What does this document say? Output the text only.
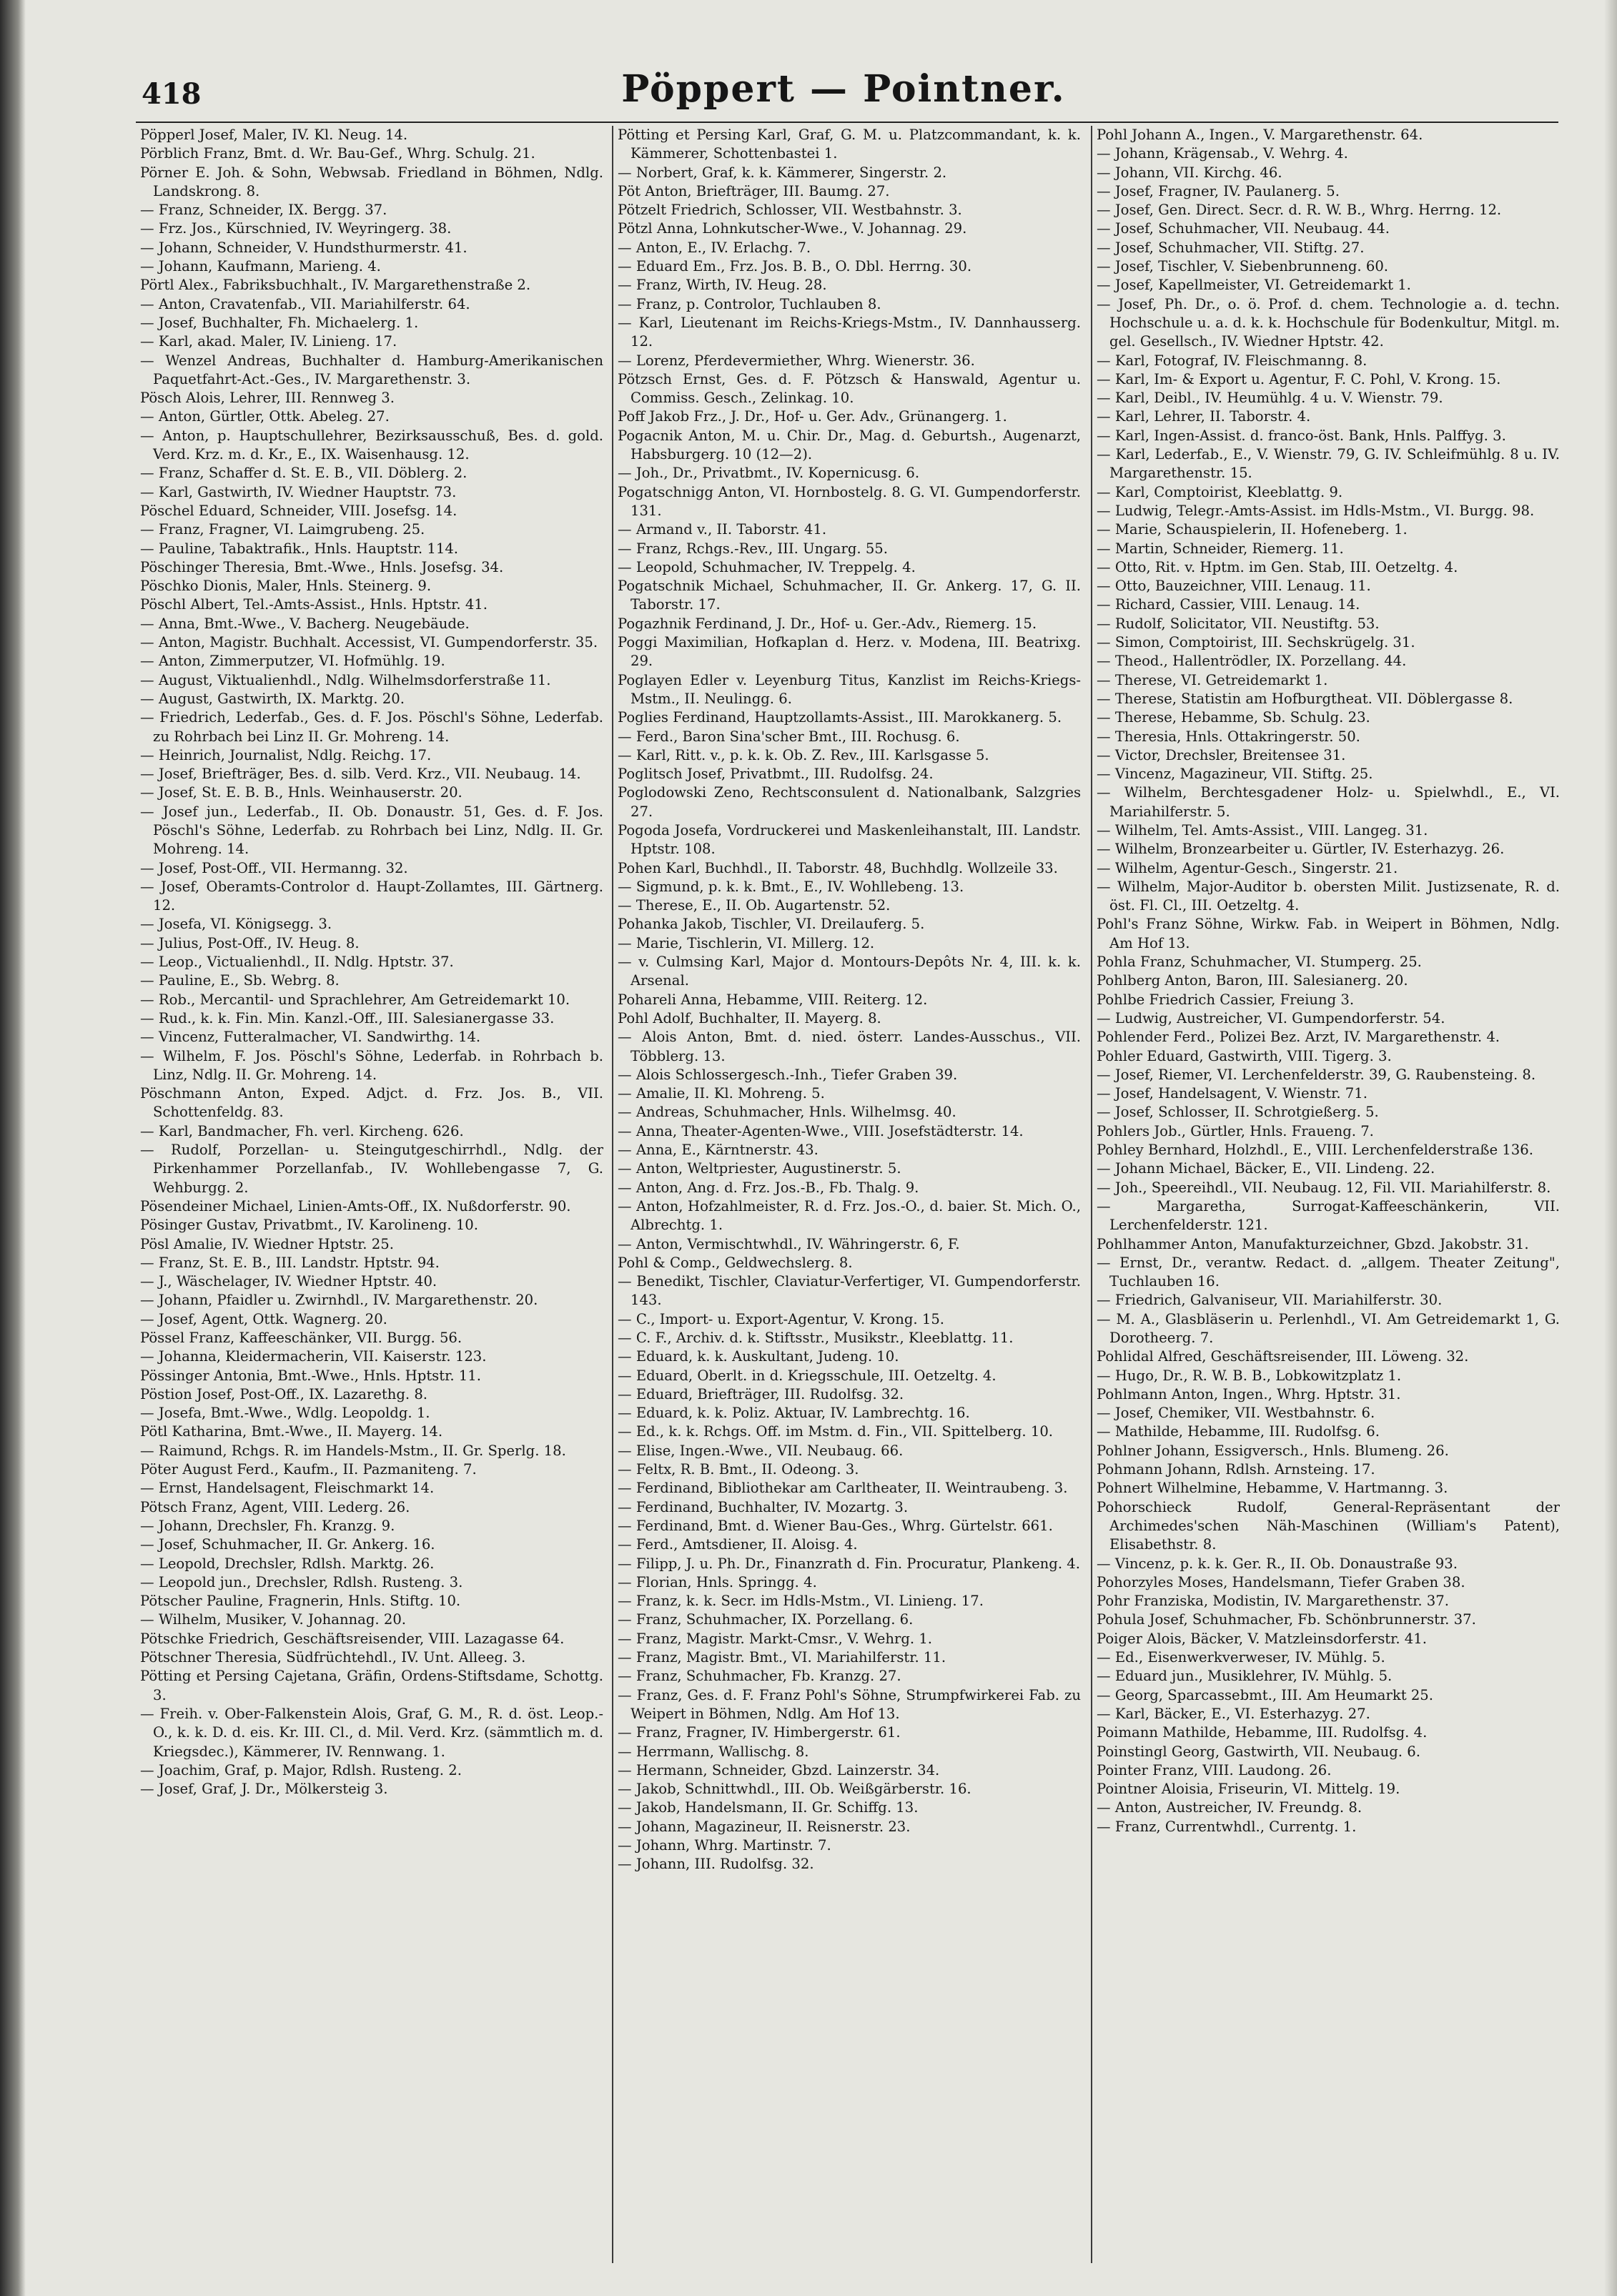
418	Pöppert — Pointner.
Pöpperl Josef, Maler, IV. Kl. Neug. 14.
Pörblich Franz, Bmt. d. Wr. Bau-Gef., Whrg. Schulg. 21.
Pörner E. Joh. & Sohn, Webwsab. Friedland in Böhmen, Ndlg. Landskrong. 8.
— Franz, Schneider, IX. Bergg. 37.
— Frz. Jos., Kürschnied, IV. Weyringerg. 38.
— Johann, Schneider, V. Hundsthurmerstr. 41.
— Johann, Kaufmann, Marieng. 4.
Pörtl Alex., Fabriksbuchhalt., IV. Margarethenstraße 2.
— Anton, Cravatenfab., VII. Mariahilferstr. 64.
— Josef, Buchhalter, Fh. Michaelerg. 1.
— Karl, akad. Maler, IV. Linieng. 17.
— Wenzel Andreas, Buchhalter d. Hamburg-Amerikanischen Paquetfahrt-Act.-Ges., IV. Margarethenstr. 3.
Pösch Alois, Lehrer, III. Rennweg 3.
— Anton, Gürtler, Ottk. Abeleg. 27.
— Anton, p. Hauptschullehrer, Bezirksausschuß, Bes. d. gold. Verd. Krz. m. d. Kr., E., IX. Waisenhausg. 12.
— Franz, Schaffer d. St. E. B., VII. Döblerg. 2.
— Karl, Gastwirth, IV. Wiedner Hauptstr. 73.
Pöschel Eduard, Schneider, VIII. Josefsg. 14.
— Franz, Fragner, VI. Laimgrubeng. 25.
— Pauline, Tabaktrafik., Hnls. Hauptstr. 114.
Pöschinger Theresia, Bmt.-Wwe., Hnls. Josefsg. 34.
Pöschko Dionis, Maler, Hnls. Steinerg. 9.
Pöschl Albert, Tel.-Amts-Assist., Hnls. Hptstr. 41.
— Anna, Bmt.-Wwe., V. Bacherg. Neugebäude.
— Anton, Magistr. Buchhalt. Accessist, VI. Gumpendorferstr. 35.
— Anton, Zimmerputzer, VI. Hofmühlg. 19.
— August, Viktualienhdl., Ndlg. Wilhelmsdorferstraße 11.
— August, Gastwirth, IX. Marktg. 20.
— Friedrich, Lederfab., Ges. d. F. Jos. Pöschl's Söhne, Lederfab. zu Rohrbach bei Linz II. Gr. Mohreng. 14.
— Heinrich, Journalist, Ndlg. Reichg. 17.
— Josef, Briefträger, Bes. d. silb. Verd. Krz., VII. Neubaug. 14.
— Josef, St. E. B. B., Hnls. Weinhauserstr. 20.
— Josef jun., Lederfab., II. Ob. Donaustr. 51, Ges. d. F. Jos. Pöschl's Söhne, Lederfab. zu Rohrbach bei Linz, Ndlg. II. Gr. Mohreng. 14.
— Josef, Post-Off., VII. Hermanng. 32.
— Josef, Oberamts-Controlor d. Haupt-Zollamtes, III. Gärtnerg. 12.
— Josefa, VI. Königsegg. 3.
— Julius, Post-Off., IV. Heug. 8.
— Leop., Victualienhdl., II. Ndlg. Hptstr. 37.
— Pauline, E., Sb. Webrg. 8.
— Rob., Mercantil- und Sprachlehrer, Am Getreidemarkt 10.
— Rud., k. k. Fin. Min. Kanzl.-Off., III. Salesianergasse 33.
— Vincenz, Futteralmacher, VI. Sandwirthg. 14.
— Wilhelm, F. Jos. Pöschl's Söhne, Lederfab. in Rohrbach b. Linz, Ndlg. II. Gr. Mohreng. 14.
Pöschmann Anton, Exped. Adjct. d. Frz. Jos. B., VII. Schottenfeldg. 83.
— Karl, Bandmacher, Fh. verl. Kircheng. 626.
— Rudolf, Porzellan- u. Steingutgeschirrhdl., Ndlg. der Pirkenhammer Porzellanfab., IV. Wohllebengasse 7, G. Wehburgg. 2.
Pösendeiner Michael, Linien-Amts-Off., IX. Nußdorferstr. 90.
Pösinger Gustav, Privatbmt., IV. Karolineng. 10.
Pösl Amalie, IV. Wiedner Hptstr. 25.
— Franz, St. E. B., III. Landstr. Hptstr. 94.
— J., Wäschelager, IV. Wiedner Hptstr. 40.
— Johann, Pfaidler u. Zwirnhdl., IV. Margarethenstr. 20.
— Josef, Agent, Ottk. Wagnerg. 20.
Pössel Franz, Kaffeeschänker, VII. Burgg. 56.
— Johanna, Kleidermacherin, VII. Kaiserstr. 123.
Pössinger Antonia, Bmt.-Wwe., Hnls. Hptstr. 11.
Pöstion Josef, Post-Off., IX. Lazarethg. 8.
— Josefa, Bmt.-Wwe., Wdlg. Leopoldg. 1.
Pötl Katharina, Bmt.-Wwe., II. Mayerg. 14.
— Raimund, Rchgs. R. im Handels-Mstm., II. Gr. Sperlg. 18.
Pöter August Ferd., Kaufm., II. Pazmaniteng. 7.
— Ernst, Handelsagent, Fleischmarkt 14.
Pötsch Franz, Agent, VIII. Lederg. 26.
— Johann, Drechsler, Fh. Kranzg. 9.
— Josef, Schuhmacher, II. Gr. Ankerg. 16.
— Leopold, Drechsler, Rdlsh. Marktg. 26.
— Leopold jun., Drechsler, Rdlsh. Rusteng. 3.
Pötscher Pauline, Fragnerin, Hnls. Stiftg. 10.
— Wilhelm, Musiker, V. Johannag. 20.
Pötschke Friedrich, Geschäftsreisender, VIII. Lazagasse 64.
Pötschner Theresia, Südfrüchtehdl., IV. Unt. Alleeg. 3.
Pötting et Persing Cajetana, Gräfin, Ordens-Stiftsdame, Schottg. 3.
— Freih. v. Ober-Falkenstein Alois, Graf, G. M., R. d. öst. Leop.-O., k. k. D. d. eis. Kr. III. Cl., d. Mil. Verd. Krz. (sämmtlich m. d. Kriegsdec.), Kämmerer, IV. Rennwang. 1.
— Joachim, Graf, p. Major, Rdlsh. Rusteng. 2.
— Josef, Graf, J. Dr., Mölkersteig 3.
Pötting et Persing Karl, Graf, G. M. u. Platzcommandant, k. k. Kämmerer, Schottenbastei 1.
— Norbert, Graf, k. k. Kämmerer, Singerstr. 2.
Pöt Anton, Briefträger, III. Baumg. 27.
Pötzelt Friedrich, Schlosser, VII. Westbahnstr. 3.
Pötzl Anna, Lohnkutscher-Wwe., V. Johannag. 29.
— Anton, E., IV. Erlachg. 7.
— Eduard Em., Frz. Jos. B. B., O. Dbl. Herrng. 30.
— Franz, Wirth, IV. Heug. 28.
— Franz, p. Controlor, Tuchlauben 8.
— Karl, Lieutenant im Reichs-Kriegs-Mstm., IV. Dannhausserg. 12.
— Lorenz, Pferdevermiether, Whrg. Wienerstr. 36.
Pötzsch Ernst, Ges. d. F. Pötzsch & Hanswald, Agentur u. Commiss. Gesch., Zelinkag. 10.
Poff Jakob Frz., J. Dr., Hof- u. Ger. Adv., Grünangerg. 1.
Pogacnik Anton, M. u. Chir. Dr., Mag. d. Geburtsh., Augenarzt, Habsburgerg. 10 (12—2).
— Joh., Dr., Privatbmt., IV. Kopernicusg. 6.
Pogatschnigg Anton, VI. Hornbostelg. 8. G. VI. Gumpendorferstr. 131.
— Armand v., II. Taborstr. 41.
— Franz, Rchgs.-Rev., III. Ungarg. 55.
— Leopold, Schuhmacher, IV. Treppelg. 4.
Pogatschnik Michael, Schuhmacher, II. Gr. Ankerg. 17, G. II. Taborstr. 17.
Pogazhnik Ferdinand, J. Dr., Hof- u. Ger.-Adv., Riemerg. 15.
Poggi Maximilian, Hofkaplan d. Herz. v. Modena, III. Beatrixg. 29.
Poglayen Edler v. Leyenburg Titus, Kanzlist im Reichs-Kriegs-Mstm., II. Neulingg. 6.
Poglies Ferdinand, Hauptzollamts-Assist., III. Marokkanerg. 5.
— Ferd., Baron Sina'scher Bmt., III. Rochusg. 6.
— Karl, Ritt. v., p. k. k. Ob. Z. Rev., III. Karlsgasse 5.
Poglitsch Josef, Privatbmt., III. Rudolfsg. 24.
Poglodowski Zeno, Rechtsconsulent d. Nationalbank, Salzgries 27.
Pogoda Josefa, Vordruckerei und Maskenleihanstalt, III. Landstr. Hptstr. 108.
Pohen Karl, Buchhdl., II. Taborstr. 48, Buchhdlg. Wollzeile 33.
— Sigmund, p. k. k. Bmt., E., IV. Wohllebeng. 13.
— Therese, E., II. Ob. Augartenstr. 52.
Pohanka Jakob, Tischler, VI. Dreilauferg. 5.
— Marie, Tischlerin, VI. Millerg. 12.
— v. Culmsing Karl, Major d. Montours-Depôts Nr. 4, III. k. k. Arsenal.
Pohareli Anna, Hebamme, VIII. Reiterg. 12.
Pohl Adolf, Buchhalter, II. Mayerg. 8.
— Alois Anton, Bmt. d. nied. österr. Landes-Ausschus., VII. Többlerg. 13.
— Alois Schlossergesch.-Inh., Tiefer Graben 39.
— Amalie, II. Kl. Mohreng. 5.
— Andreas, Schuhmacher, Hnls. Wilhelmsg. 40.
— Anna, Theater-Agenten-Wwe., VIII. Josefstädterstr. 14.
— Anna, E., Kärntnerstr. 43.
— Anton, Weltpriester, Augustinerstr. 5.
— Anton, Ang. d. Frz. Jos.-B., Fb. Thalg. 9.
— Anton, Hofzahlmeister, R. d. Frz. Jos.-O., d. baier. St. Mich. O., Albrechtg. 1.
— Anton, Vermischtwhdl., IV. Währingerstr. 6, F.
Pohl & Comp., Geldwechslerg. 8.
— Benedikt, Tischler, Claviatur-Verfertiger, VI. Gumpendorferstr. 143.
— C., Import- u. Export-Agentur, V. Krong. 15.
— C. F., Archiv. d. k. Stiftsstr., Musikstr., Kleeblattg. 11.
— Eduard, k. k. Auskultant, Judeng. 10.
— Eduard, Oberlt. in d. Kriegsschule, III. Oetzeltg. 4.
— Eduard, Briefträger, III. Rudolfsg. 32.
— Eduard, k. k. Poliz. Aktuar, IV. Lambrechtg. 16.
— Ed., k. k. Rchgs. Off. im Mstm. d. Fin., VII. Spittelberg. 10.
— Elise, Ingen.-Wwe., VII. Neubaug. 66.
— Feltx, R. B. Bmt., II. Odeong. 3.
— Ferdinand, Bibliothekar am Carltheater, II. Weintraubeng. 3.
— Ferdinand, Buchhalter, IV. Mozartg. 3.
— Ferdinand, Bmt. d. Wiener Bau-Ges., Whrg. Gürtelstr. 661.
— Ferd., Amtsdiener, II. Aloisg. 4.
— Filipp, J. u. Ph. Dr., Finanzrath d. Fin. Procuratur, Plankeng. 4.
— Florian, Hnls. Springg. 4.
— Franz, k. k. Secr. im Hdls-Mstm., VI. Linieng. 17.
— Franz, Schuhmacher, IX. Porzellang. 6.
— Franz, Magistr. Markt-Cmsr., V. Wehrg. 1.
— Franz, Magistr. Bmt., VI. Mariahilferstr. 11.
— Franz, Schuhmacher, Fb. Kranzg. 27.
— Franz, Ges. d. F. Franz Pohl's Söhne, Strumpfwirkerei Fab. zu Weipert in Böhmen, Ndlg. Am Hof 13.
— Franz, Fragner, IV. Himbergerstr. 61.
— Herrmann, Wallischg. 8.
— Hermann, Schneider, Gbzd. Lainzerstr. 34.
— Jakob, Schnittwhdl., III. Ob. Weißgärberstr. 16.
— Jakob, Handelsmann, II. Gr. Schiffg. 13.
— Johann, Magazineur, II. Reisnerstr. 23.
— Johann, Whrg. Martinstr. 7.
— Johann, III. Rudolfsg. 32.
Pohl Johann A., Ingen., V. Margarethenstr. 64.
— Johann, Krägensab., V. Wehrg. 4.
— Johann, VII. Kirchg. 46.
— Josef, Fragner, IV. Paulanerg. 5.
— Josef, Gen. Direct. Secr. d. R. W. B., Whrg. Herrng. 12.
— Josef, Schuhmacher, VII. Neubaug. 44.
— Josef, Schuhmacher, VII. Stiftg. 27.
— Josef, Tischler, V. Siebenbrunneng. 60.
— Josef, Kapellmeister, VI. Getreidemarkt 1.
— Josef, Ph. Dr., o. ö. Prof. d. chem. Technologie a. d. techn. Hochschule u. a. d. k. k. Hochschule für Bodenkultur, Mitgl. m. gel. Gesellsch., IV. Wiedner Hptstr. 42.
— Karl, Fotograf, IV. Fleischmanng. 8.
— Karl, Im- & Export u. Agentur, F. C. Pohl, V. Krong. 15.
— Karl, Deibl., IV. Heumühlg. 4 u. V. Wienstr. 79.
— Karl, Lehrer, II. Taborstr. 4.
— Karl, Ingen-Assist. d. franco-öst. Bank, Hnls. Palffyg. 3.
— Karl, Lederfab., E., V. Wienstr. 79, G. IV. Schleifmühlg. 8 u. IV. Margarethenstr. 15.
— Karl, Comptoirist, Kleeblattg. 9.
— Ludwig, Telegr.-Amts-Assist. im Hdls-Mstm., VI. Burgg. 98.
— Marie, Schauspielerin, II. Hofeneberg. 1.
— Martin, Schneider, Riemerg. 11.
— Otto, Rit. v. Hptm. im Gen. Stab, III. Oetzeltg. 4.
— Otto, Bauzeichner, VIII. Lenaug. 11.
— Richard, Cassier, VIII. Lenaug. 14.
— Rudolf, Solicitator, VII. Neustiftg. 53.
— Simon, Comptoirist, III. Sechskrügelg. 31.
— Theod., Hallentrödler, IX. Porzellang. 44.
— Therese, VI. Getreidemarkt 1.
— Therese, Statistin am Hofburgtheat. VII. Döblergasse 8.
— Therese, Hebamme, Sb. Schulg. 23.
— Theresia, Hnls. Ottakringerstr. 50.
— Victor, Drechsler, Breitensee 31.
— Vincenz, Magazineur, VII. Stiftg. 25.
— Wilhelm, Berchtesgadener Holz- u. Spielwhdl., E., VI. Mariahilferstr. 5.
— Wilhelm, Tel. Amts-Assist., VIII. Langeg. 31.
— Wilhelm, Bronzearbeiter u. Gürtler, IV. Esterhazyg. 26.
— Wilhelm, Agentur-Gesch., Singerstr. 21.
— Wilhelm, Major-Auditor b. obersten Milit. Justizsenate, R. d. öst. Fl. Cl., III. Oetzeltg. 4.
Pohl's Franz Söhne, Wirkw. Fab. in Weipert in Böhmen, Ndlg. Am Hof 13.
Pohla Franz, Schuhmacher, VI. Stumperg. 25.
Pohlberg Anton, Baron, III. Salesianerg. 20.
Pohlbe Friedrich Cassier, Freiung 3.
— Ludwig, Austreicher, VI. Gumpendorferstr. 54.
Pohlender Ferd., Polizei Bez. Arzt, IV. Margarethenstr. 4.
Pohler Eduard, Gastwirth, VIII. Tigerg. 3.
— Josef, Riemer, VI. Lerchenfelderstr. 39, G. Raubensteing. 8.
— Josef, Handelsagent, V. Wienstr. 71.
— Josef, Schlosser, II. Schrotgießerg. 5.
Pohlers Job., Gürtler, Hnls. Fraueng. 7.
Pohley Bernhard, Holzhdl., E., VIII. Lerchenfelderstraße 136.
— Johann Michael, Bäcker, E., VII. Lindeng. 22.
— Joh., Speereihdl., VII. Neubaug. 12, Fil. VII. Mariahilferstr. 8.
— Margaretha, Surrogat-Kaffeeschänkerin, VII. Lerchenfelderstr. 121.
Pohlhammer Anton, Manufakturzeichner, Gbzd. Jakobstr. 31.
— Ernst, Dr., verantw. Redact. d. „allgem. Theater Zeitung", Tuchlauben 16.
— Friedrich, Galvaniseur, VII. Mariahilferstr. 30.
— M. A., Glasbläserin u. Perlenhdl., VI. Am Getreidemarkt 1, G. Dorotheerg. 7.
Pohlidal Alfred, Geschäftsreisender, III. Löweng. 32.
— Hugo, Dr., R. W. B. B., Lobkowitzplatz 1.
Pohlmann Anton, Ingen., Whrg. Hptstr. 31.
— Josef, Chemiker, VII. Westbahnstr. 6.
— Mathilde, Hebamme, III. Rudolfsg. 6.
Pohlner Johann, Essigversch., Hnls. Blumeng. 26.
Pohmann Johann, Rdlsh. Arnsteing. 17.
Pohnert Wilhelmine, Hebamme, V. Hartmanng. 3.
Pohorschieck Rudolf, General-Repräsentant der Archimedes'schen Näh-Maschinen (William's Patent), Elisabethstr. 8.
— Vincenz, p. k. k. Ger. R., II. Ob. Donaustraße 93.
Pohorzyles Moses, Handelsmann, Tiefer Graben 38.
Pohr Franziska, Modistin, IV. Margarethenstr. 37.
Pohula Josef, Schuhmacher, Fb. Schönbrunnerstr. 37.
Poiger Alois, Bäcker, V. Matzleinsdorferstr. 41.
— Ed., Eisenwerkverweser, IV. Mühlg. 5.
— Eduard jun., Musiklehrer, IV. Mühlg. 5.
— Georg, Sparcassebmt., III. Am Heumarkt 25.
— Karl, Bäcker, E., VI. Esterhazyg. 27.
Poimann Mathilde, Hebamme, III. Rudolfsg. 4.
Poinstingl Georg, Gastwirth, VII. Neubaug. 6.
Pointer Franz, VIII. Laudong. 26.
Pointner Aloisia, Friseurin, VI. Mittelg. 19.
— Anton, Austreicher, IV. Freundg. 8.
— Franz, Currentwhdl., Currentg. 1.
